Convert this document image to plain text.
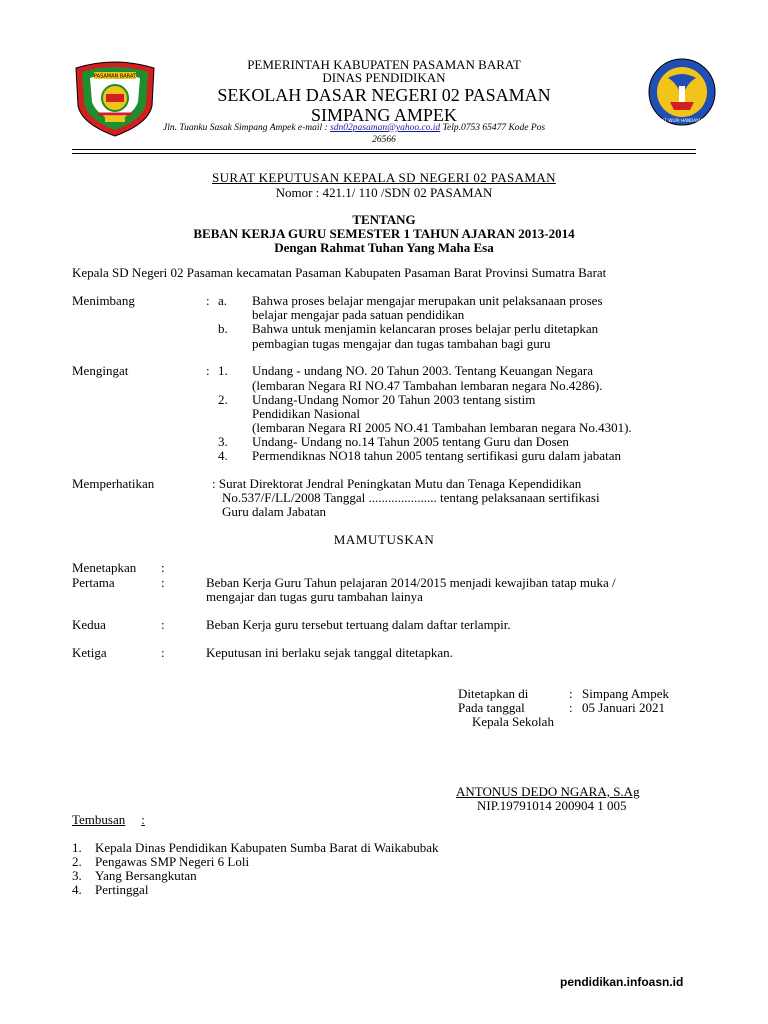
PASAMAN BARAT
TUT WURI HANDAYANI
PEMERINTAH KABUPATEN PASAMAN BARAT
DINAS PENDIDIKAN
SEKOLAH DASAR NEGERI 02 PASAMAN
SIMPANG AMPEK
Jln. Tuanku Sasak Simpang Ampek e-mail : sdn02pasaman@yahoo.co.id Telp.0753 65477 Kode Pos
26566
SURAT KEPUTUSAN KEPALA SD NEGERI 02 PASAMAN
Nomor : 421.1/ 110 /SDN 02 PASAMAN
TENTANG
BEBAN KERJA GURU SEMESTER 1 TAHUN AJARAN 2013-2014
Dengan Rahmat Tuhan Yang Maha Esa
Kepala SD Negeri 02 Pasaman kecamatan Pasaman Kabupaten Pasaman Barat Provinsi Sumatra Barat
Menimbang	: a. Bahwa proses belajar mengajar merupakan unit pelaksanaan proses
belajar mengajar pada satuan pendidikan
b. Bahwa untuk menjamin kelancaran proses belajar perlu ditetapkan
pembagian tugas mengajar dan tugas tambahan bagi guru
Mengingat	: 1. Undang - undang NO. 20 Tahun 2003. Tentang Keuangan Negara
(lembaran Negara RI NO.47 Tambahan lembaran negara No.4286).
2. Undang-Undang Nomor 20 Tahun 2003 tentang sistim
Pendidikan Nasional
(lembaran Negara RI 2005 NO.41 Tambahan lembaran negara No.4301).
3. Undang- Undang no.14 Tahun 2005 tentang Guru dan Dosen
4. Permendiknas NO18 tahun 2005 tentang sertifikasi guru dalam jabatan
Memperhatikan	: Surat Direktorat Jendral Peningkatan Mutu dan Tenaga Kependidikan
No.537/F/LL/2008 Tanggal ..................... tentang pelaksanaan sertifikasi
Guru dalam Jabatan
MAMUTUSKAN
Menetapkan :
Pertama	:	Beban Kerja Guru Tahun pelajaran 2014/2015 menjadi kewajiban tatap muka /
mengajar dan tugas guru tambahan lainya
Kedua	:	Beban Kerja guru tersebut tertuang dalam daftar terlampir.
Ketiga	:	Keputusan ini berlaku sejak tanggal ditetapkan.
Ditetapkan di	: Simpang Ampek
Pada tanggal	: 05 Januari 2021
Kepala Sekolah
ANTONUS DEDO NGARA, S.Ag
NIP.19791014 200904 1 005
Tembusan :
1. Kepala Dinas Pendidikan Kabupaten Sumba Barat di Waikabubak
2. Pengawas SMP Negeri 6 Loli
3. Yang Bersangkutan
4. Pertinggal
pendidikan.infoasn.id
